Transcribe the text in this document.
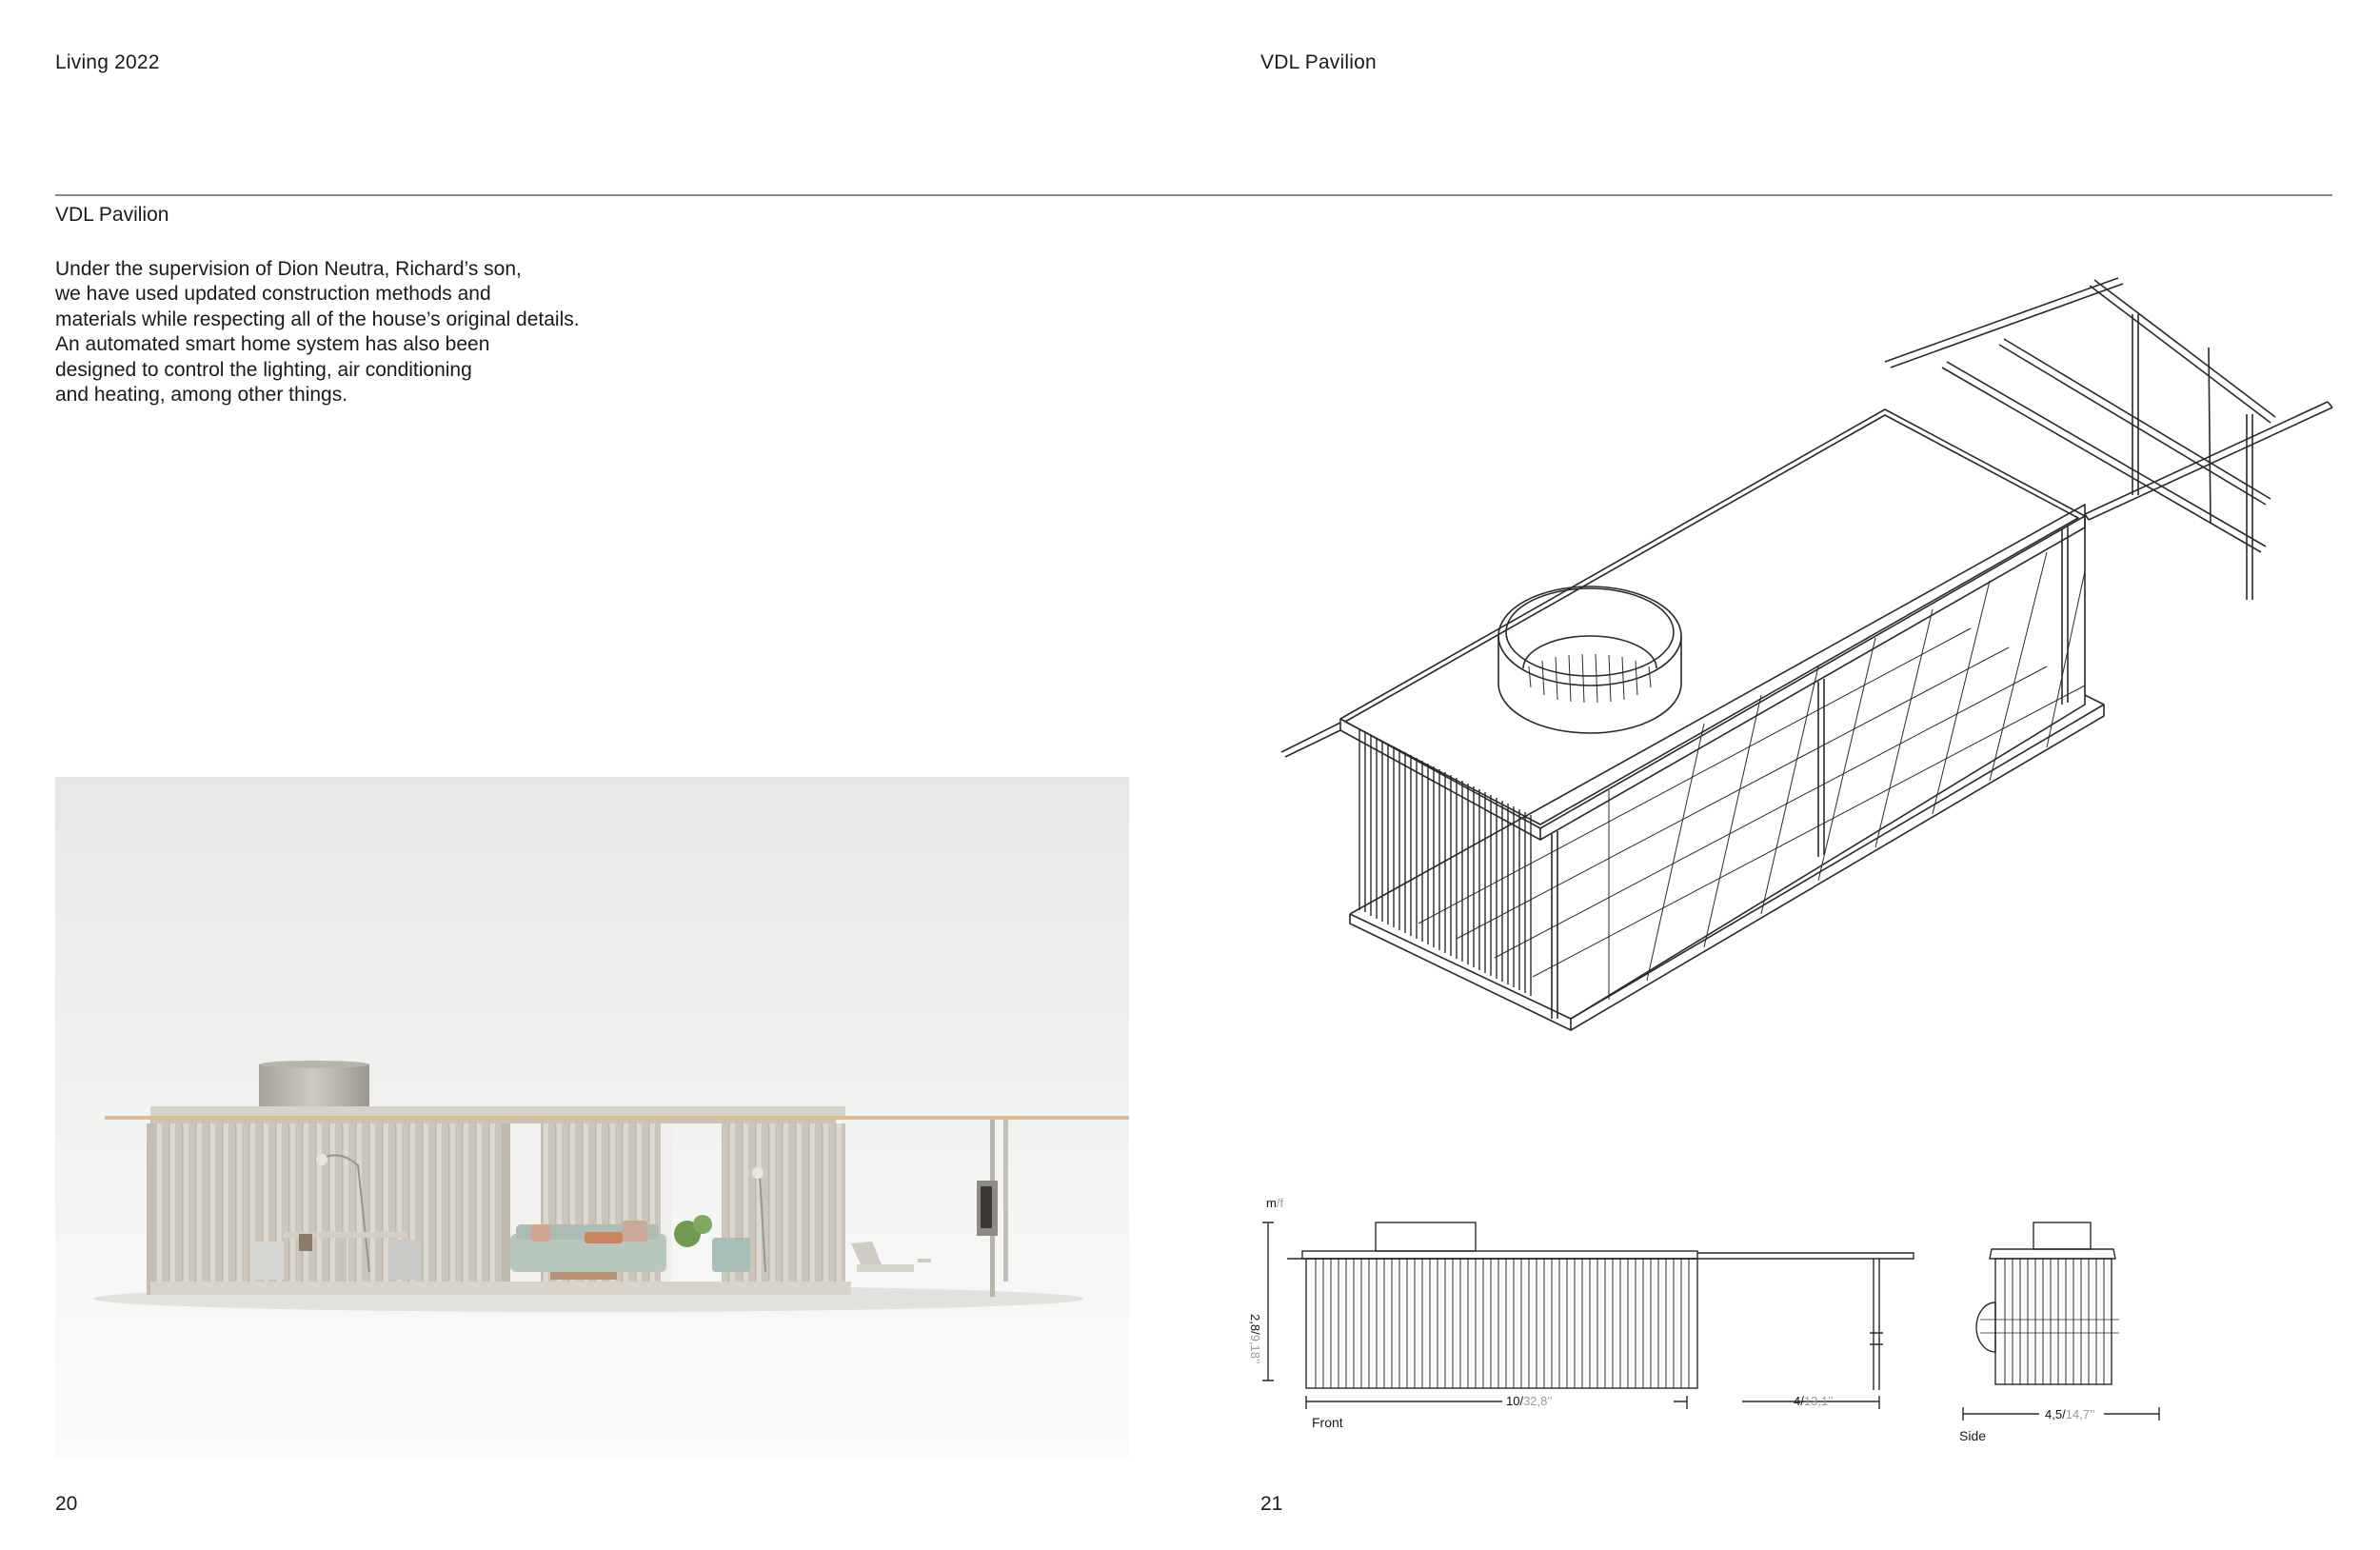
Living 2022
VDL Pavilion
Under the supervision of Dion Neutra, Richard’s son,
we have used updated construction methods and
materials while respecting all of the house’s original details.
An automated smart home system has also been
designed to control the lighting, air conditioning
and heating, among other things.
20
VDL Pavilion
m/f
2,8/9,18’’
10/32,8’’	4/13,1’’
4,5/14,7’’
Front
Side
21
